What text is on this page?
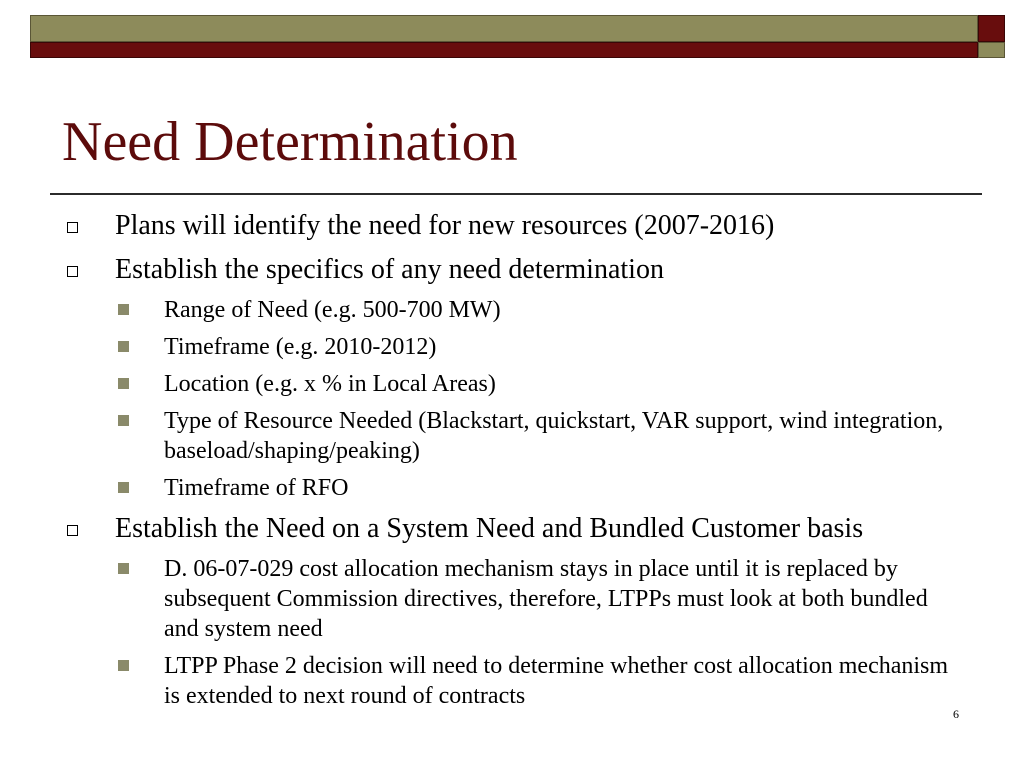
Need Determination
Plans will identify the need for new resources (2007-2016)
Establish the specifics of any need determination
Range of Need (e.g. 500-700 MW)
Timeframe (e.g. 2010-2012)
Location (e.g. x % in Local Areas)
Type of Resource Needed (Blackstart, quickstart, VAR support, wind integration, baseload/shaping/peaking)
Timeframe of RFO
Establish the Need on a System Need and Bundled Customer basis
D. 06-07-029 cost allocation mechanism stays in place until it is replaced by subsequent Commission directives, therefore, LTPPs must look at both bundled and system need
LTPP Phase 2 decision will need to determine whether cost allocation mechanism is extended to next round of contracts
6
